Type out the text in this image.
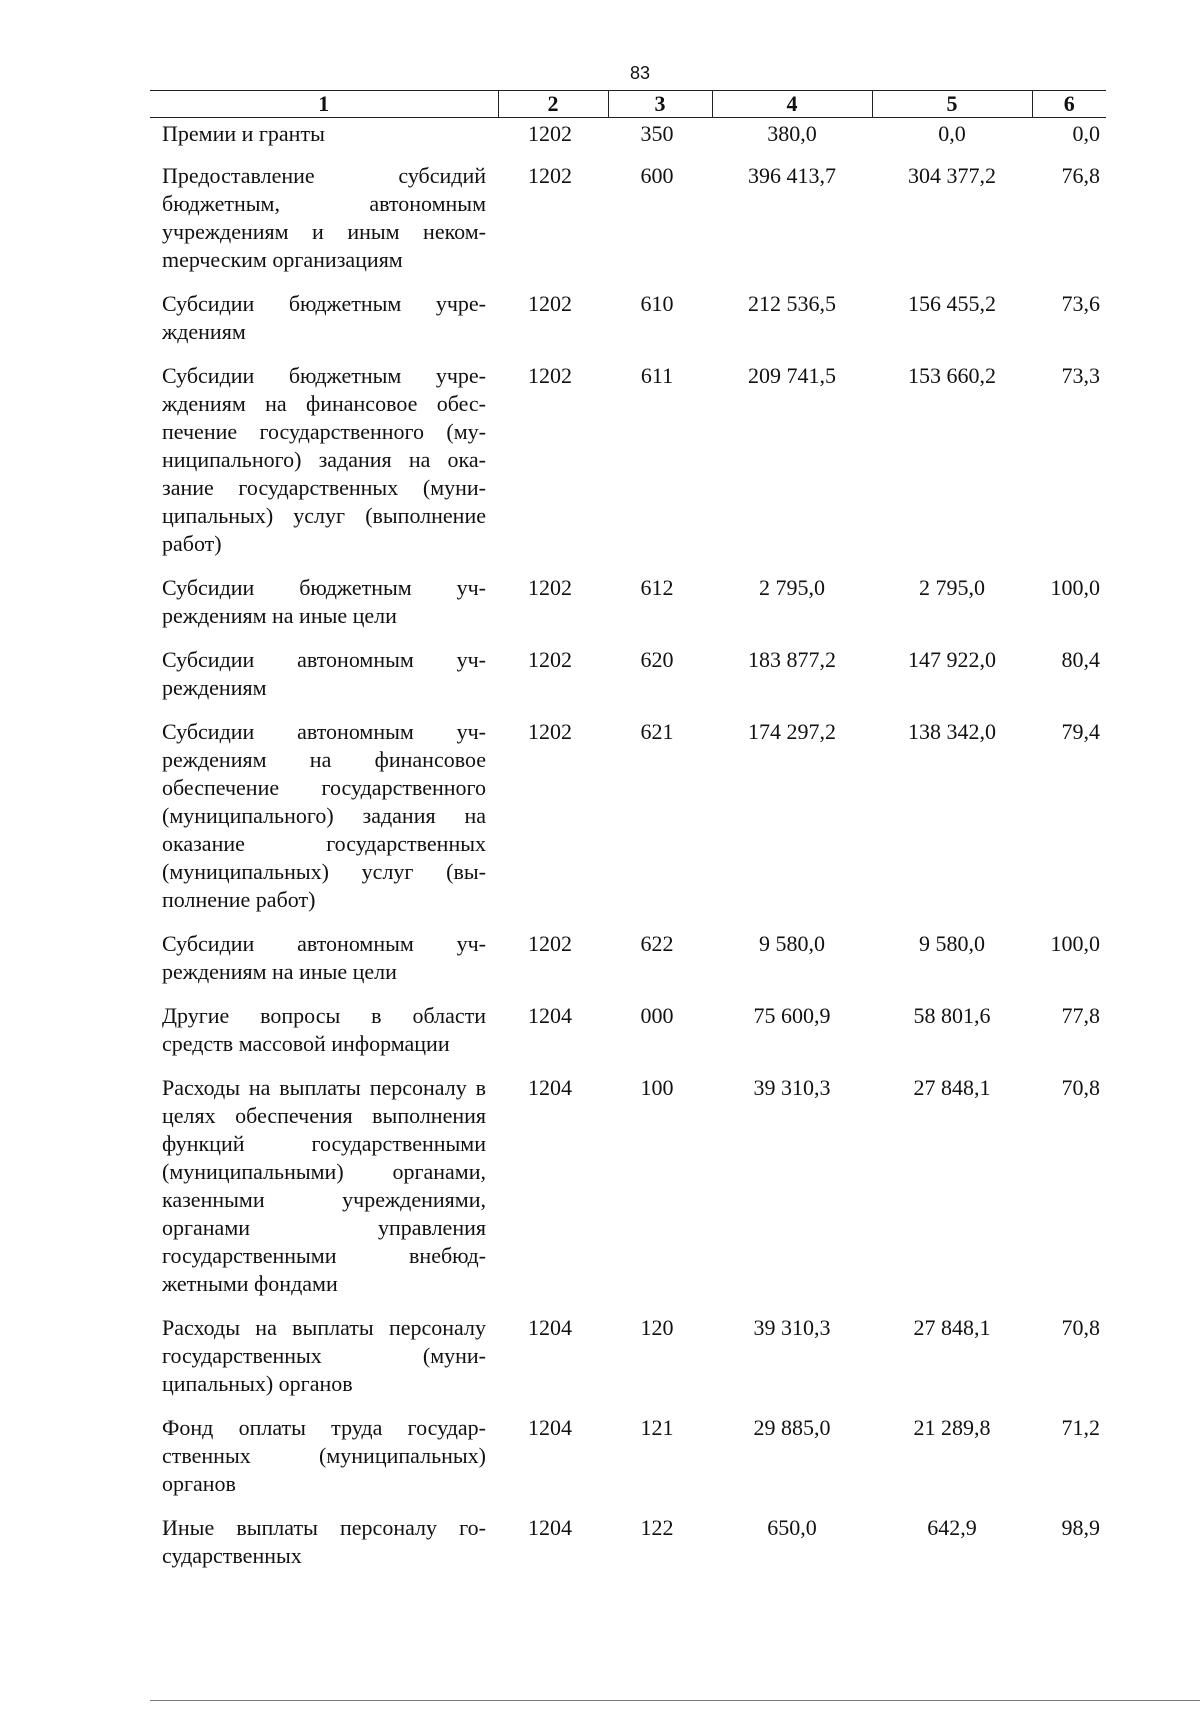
83
1	2	3	4	5	6
Премии и гранты	1202	350	380,0	0,0	0,0
Предоставление субсидий бюджетным, автономным учреждениям и иным некомmерческим организациям	1202	600	396 413,7	304 377,2	76,8
Субсидии бюджетным учреждениям	1202	610	212 536,5	156 455,2	73,6
Субсидии бюджетным учреждениям на финансовое обеспечение государственного (муниципального) задания на оказание государственных (муниципальных) услуг (выполнение работ)	1202	611	209 741,5	153 660,2	73,3
Субсидии бюджетным учреждениям на иные цели	1202	612	2 795,0	2 795,0	100,0
Субсидии автономным учреждениям	1202	620	183 877,2	147 922,0	80,4
Субсидии автономным учреждениям на финансовое обеспечение государственного (муниципального) задания на оказание государственных (муниципальных) услуг (выполнение работ)	1202	621	174 297,2	138 342,0	79,4
Субсидии автономным учреждениям на иные цели	1202	622	9 580,0	9 580,0	100,0
Другие вопросы в области средств массовой информации	1204	000	75 600,9	58 801,6	77,8
Расходы на выплаты персоналу в целях обеспечения выполнения функций государственными (муниципальными) органами, казенными учреждениями, органами управления государственными внебюджетными фондами	1204	100	39 310,3	27 848,1	70,8
Расходы на выплаты персоналу государственных (муниципальных) органов	1204	120	39 310,3	27 848,1	70,8
Фонд оплаты труда государственных (муниципальных) органов	1204	121	29 885,0	21 289,8	71,2
Иные выплаты персоналу государственных	1204	122	650,0	642,9	98,9
